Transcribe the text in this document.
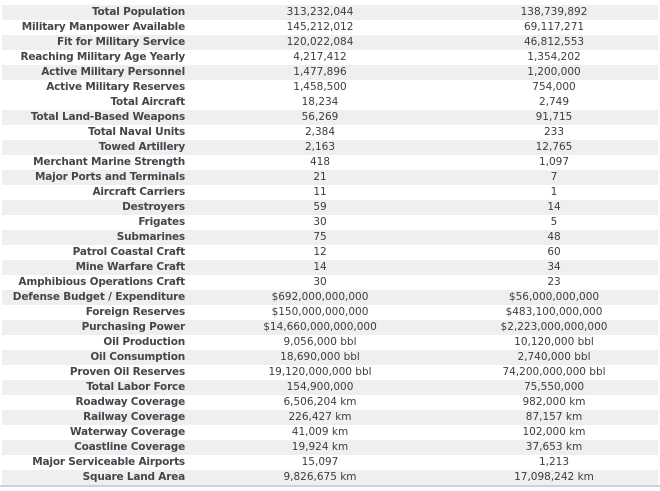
Total Population	313,232,044	138,739,892
Military Manpower Available	145,212,012	69,117,271
Fit for Military Service	120,022,084	46,812,553
Reaching Military Age Yearly	4,217,412	1,354,202
Active Military Personnel	1,477,896	1,200,000
Active Military Reserves	1,458,500	754,000
Total Aircraft	18,234	2,749
Total Land-Based Weapons	56,269	91,715
Total Naval Units	2,384	233
Towed Artillery	2,163	12,765
Merchant Marine Strength	418	1,097
Major Ports and Terminals	21	7
Aircraft Carriers	11	1
Destroyers	59	14
Frigates	30	5
Submarines	75	48
Patrol Coastal Craft	12	60
Mine Warfare Craft	14	34
Amphibious Operations Craft	30	23
Defense Budget / Expenditure	$692,000,000,000	$56,000,000,000
Foreign Reserves	$150,000,000,000	$483,100,000,000
Purchasing Power	$14,660,000,000,000	$2,223,000,000,000
Oil Production	9,056,000 bbl	10,120,000 bbl
Oil Consumption	18,690,000 bbl	2,740,000 bbl
Proven Oil Reserves	19,120,000,000 bbl	74,200,000,000 bbl
Total Labor Force	154,900,000	75,550,000
Roadway Coverage	6,506,204 km	982,000 km
Railway Coverage	226,427 km	87,157 km
Waterway Coverage	41,009 km	102,000 km
Coastline Coverage	19,924 km	37,653 km
Major Serviceable Airports	15,097	1,213
Square Land Area	9,826,675 km	17,098,242 km
